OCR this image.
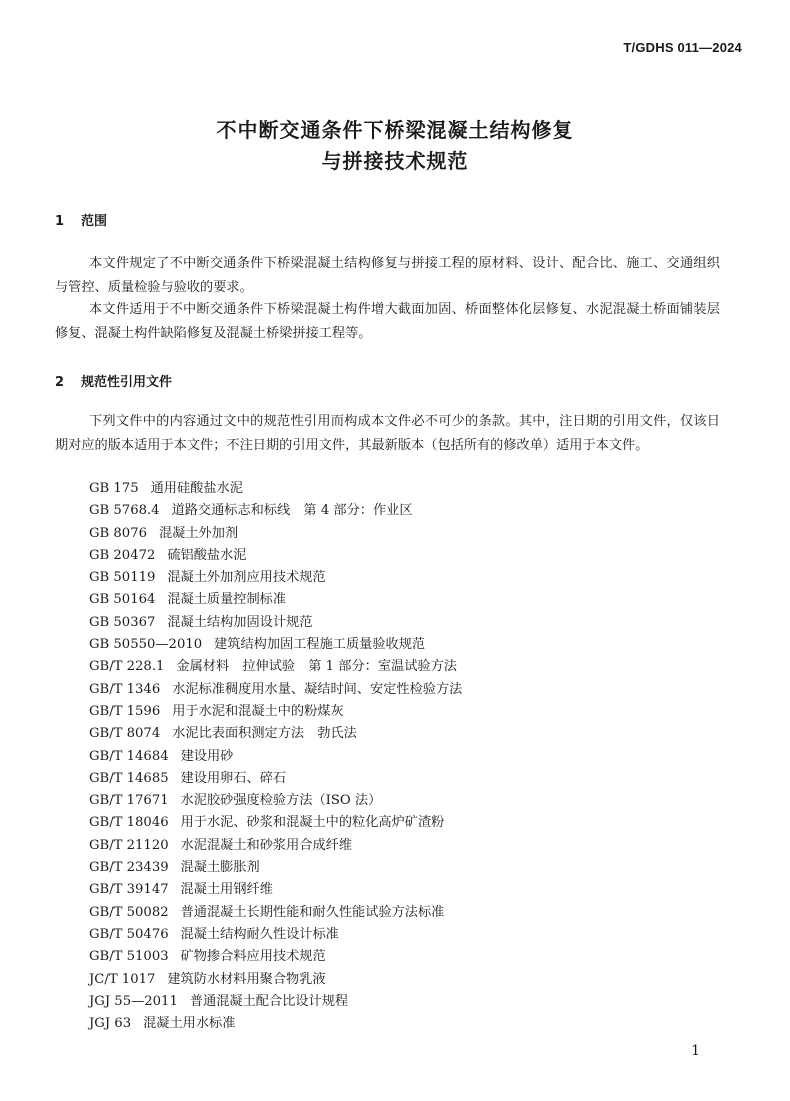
T/GDHS 011—2024
不中断交通条件下桥梁混凝土结构修复
与拼接技术规范
1 范围

本文件规定了不中断交通条件下桥梁混凝土结构修复与拼接工程的原材料、设计、配合比、施工、交通组织与管控、质量检验与验收的要求。

本文件适用于不中断交通条件下桥梁混凝土构件增大截面加固、桥面整体化层修复、水泥混凝土桥面铺装层修复、混凝土构件缺陷修复及混凝土桥梁拼接工程等。

2 规范性引用文件

下列文件中的内容通过文中的规范性引用而构成本文件必不可少的条款。其中，注日期的引用文件，仅该日期对应的版本适用于本文件；不注日期的引用文件，其最新版本（包括所有的修改单）适用于本文件。

GB 175 通用硅酸盐水泥
GB 5768.4 道路交通标志和标线　第 4 部分：作业区
GB 8076 混凝土外加剂
GB 20472 硫铝酸盐水泥
GB 50119 混凝土外加剂应用技术规范
GB 50164 混凝土质量控制标准
GB 50367 混凝土结构加固设计规范
GB 50550—2010 建筑结构加固工程施工质量验收规范
GB/T 228.1 金属材料　拉伸试验　第 1 部分：室温试验方法
GB/T 1346 水泥标准稠度用水量、凝结时间、安定性检验方法
GB/T 1596 用于水泥和混凝土中的粉煤灰
GB/T 8074 水泥比表面积测定方法　勃氏法
GB/T 14684 建设用砂
GB/T 14685 建设用卵石、碎石
GB/T 17671 水泥胶砂强度检验方法（ISO 法）
GB/T 18046 用于水泥、砂浆和混凝土中的粒化高炉矿渣粉
GB/T 21120 水泥混凝土和砂浆用合成纤维
GB/T 23439 混凝土膨胀剂
GB/T 39147 混凝土用钢纤维
GB/T 50082 普通混凝土长期性能和耐久性能试验方法标准
GB/T 50476 混凝土结构耐久性设计标准
GB/T 51003 矿物掺合料应用技术规范
JC/T 1017 建筑防水材料用聚合物乳液
JGJ 55—2011 普通混凝土配合比设计规程
JGJ 63 混凝土用水标准
1
